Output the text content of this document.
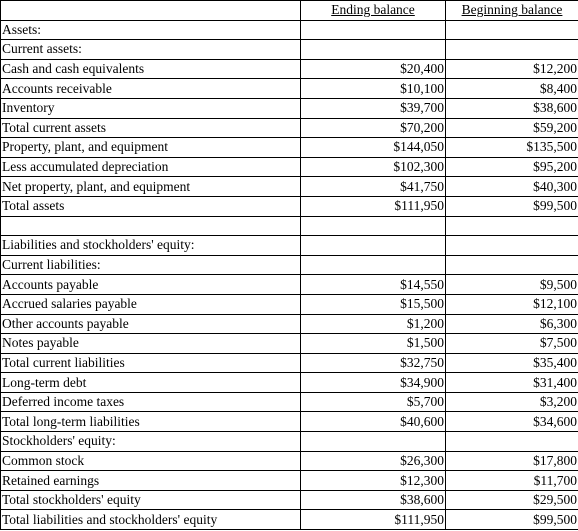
	Ending balance	Beginning balance
Assets:		
Current assets:		
Cash and cash equivalents	$20,400	$12,200
Accounts receivable	$10,100	$8,400
Inventory	$39,700	$38,600
Total current assets	$70,200	$59,200
Property, plant, and equipment	$144,050	$135,500
Less accumulated depreciation	$102,300	$95,200
Net property, plant, and equipment	$41,750	$40,300
Total assets	$111,950	$99,500

Liabilities and stockholders' equity:		
Current liabilities:		
Accounts payable	$14,550	$9,500
Accrued salaries payable	$15,500	$12,100
Other accounts payable	$1,200	$6,300
Notes payable	$1,500	$7,500
Total current liabilities	$32,750	$35,400
Long-term debt	$34,900	$31,400
Deferred income taxes	$5,700	$3,200
Total long-term liabilities	$40,600	$34,600
Stockholders' equity:		
Common stock	$26,300	$17,800
Retained earnings	$12,300	$11,700
Total stockholders' equity	$38,600	$29,500
Total liabilities and stockholders' equity	$111,950	$99,500
